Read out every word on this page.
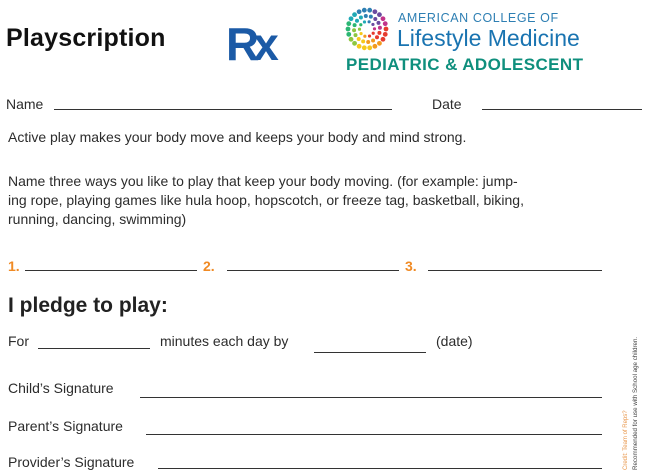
Playscription Rx	AMERICAN COLLEGE OF
Lifestyle Medicine
PEDIATRIC & ADOLESCENT
Name	Date
Active play makes your body move and keeps your body and mind strong.
Name three ways you like to play that keep your body moving. (for example: jump-
ing rope, playing games like hula hoop, hopscotch, or freeze tag, basketball, biking,
running, dancing, swimming)
1.	2.	3.
I pledge to play:
For	minutes each day by	(date)
Child’s Signature
Parent’s Signature
Provider’s Signature	Credit: Team of Reps? Recommended for use with School age children.
